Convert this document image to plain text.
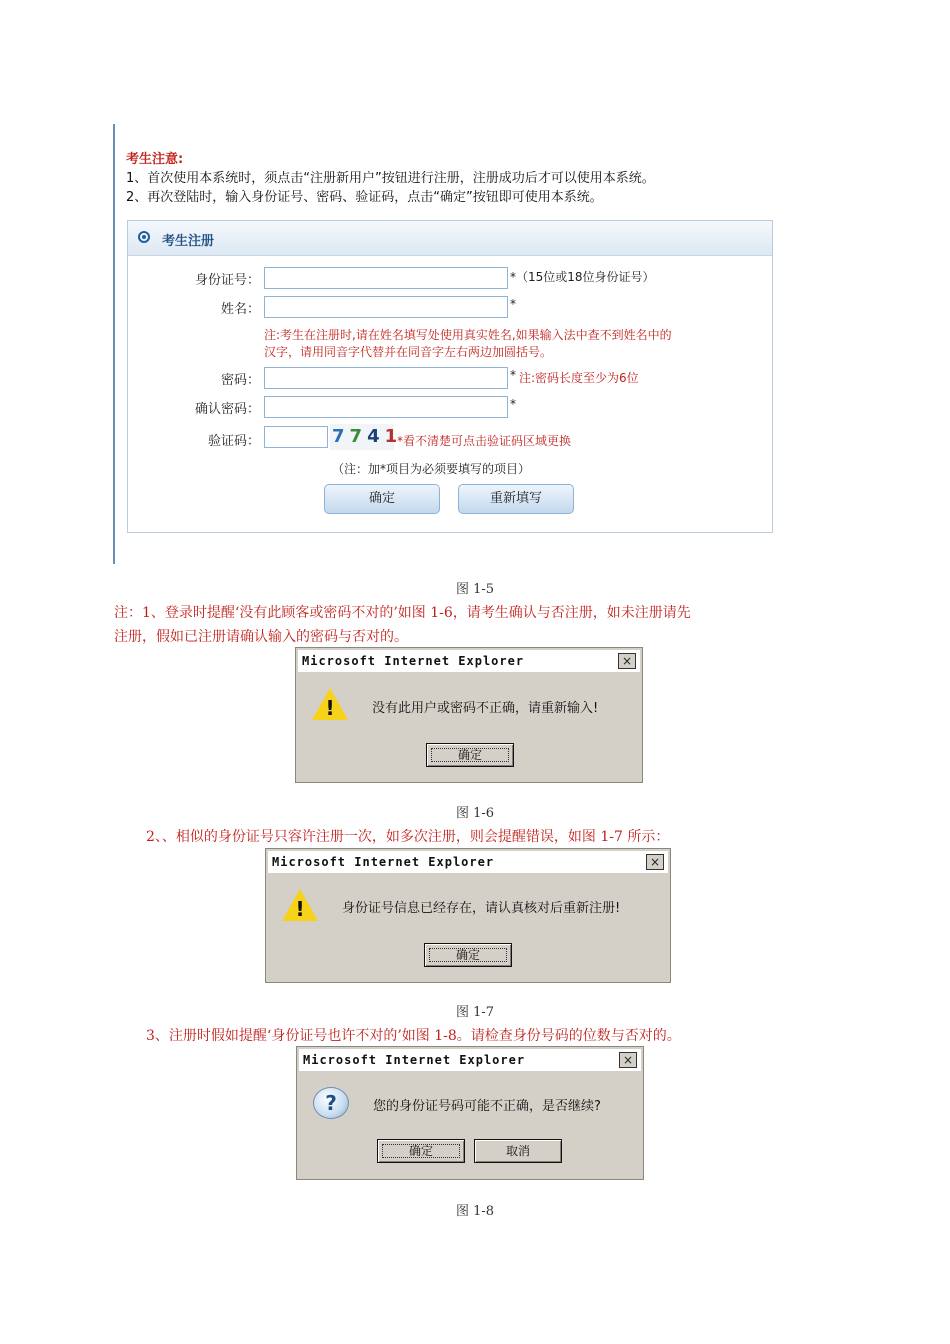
考生注意:
1、首次使用本系统时，须点击“注册新用户”按钮进行注册，注册成功后才可以使用本系统。
2、再次登陆时，输入身份证号、密码、验证码，点击“确定”按钮即可使用本系统。
考生注册
身份证号：	*（15位或18位身份证号）
姓名：	*
注:考生在注册时,请在姓名填写处使用真实姓名,如果输入法中查不到姓名中的
汉字，请用同音字代替并在同音字左右两边加圆括号。
密码：	* 注:密码长度至少为6位
确认密码：	*
验证码：	7741
*看不清楚可点击验证码区域更换
（注：加*项目为必须要填写的项目）
确定	重新填写
图 1-5
注：1、登录时提醒‘没有此顾客或密码不对的’如图 1-6，请考生确认与否注册，如未注册请先
注册，假如已注册请确认输入的密码与否对的。
Microsoft Internet Explorer	×
!	没有此用户或密码不正确，请重新输入!
确定
图 1-6
2、、相似的身份证号只容许注册一次，如多次注册，则会提醒错误，如图 1-7 所示：
Microsoft Internet Explorer	×
!	身份证号信息已经存在，请认真核对后重新注册!
确定
图 1-7
3、注册时假如提醒‘身份证号也许不对的’如图 1-8。请检查身份号码的位数与否对的。
Microsoft Internet Explorer	×
?	您的身份证号码可能不正确，是否继续?
确定	取消
图 1-8
